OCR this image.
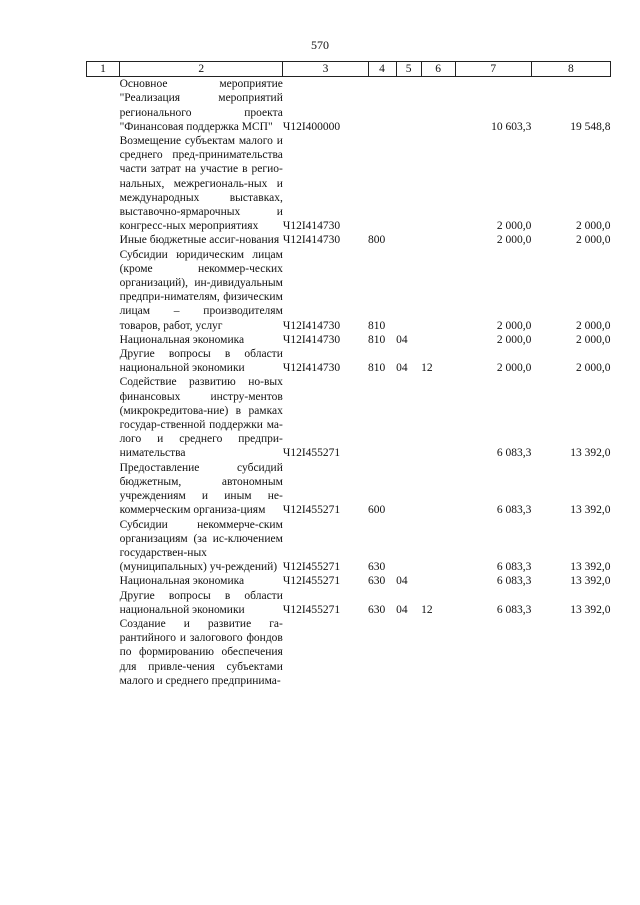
570
1	2	3	4	5	6	7	8
	Основное мероприятие "Реализация мероприятий регионального проекта "Финансовая поддержка МСП"	Ч12I400000				10 603,3	19 548,8
	Возмещение субъектам малого и среднего пред-принимательства части затрат на участие в регио-нальных, межрегиональ-ных и международных выставках, выставочно-ярмарочных и конгресс-ных мероприятиях	Ч12I414730				2 000,0	2 000,0
	Иные бюджетные ассиг-нования	Ч12I414730	800			2 000,0	2 000,0
	Субсидии юридическим лицам (кроме некоммер-ческих организаций), ин-дивидуальным предпри-нимателям, физическим лицам – производителям товаров, работ, услуг	Ч12I414730	810			2 000,0	2 000,0
	Национальная экономика	Ч12I414730	810	04		2 000,0	2 000,0
	Другие вопросы в области национальной экономики	Ч12I414730	810	04	12	2 000,0	2 000,0
	Содействие развитию но-вых финансовых инстру-ментов (микрокредитова-ние) в рамках государ-ственной поддержки ма-лого и среднего предпри-нимательства	Ч12I455271				6 083,3	13 392,0
	Предоставление субсидий бюджетным, автономным учреждениям и иным не-коммерческим организа-циям	Ч12I455271	600			6 083,3	13 392,0
	Субсидии некоммерче-ским организациям (за ис-ключением государствен-ных (муниципальных) уч-реждений)	Ч12I455271	630			6 083,3	13 392,0
	Национальная экономика	Ч12I455271	630	04		6 083,3	13 392,0
	Другие вопросы в области национальной экономики	Ч12I455271	630	04	12	6 083,3	13 392,0
	Создание и развитие га-рантийного и залогового фондов по формированию обеспечения для привле-чения субъектами малого и среднего предпринима-						
